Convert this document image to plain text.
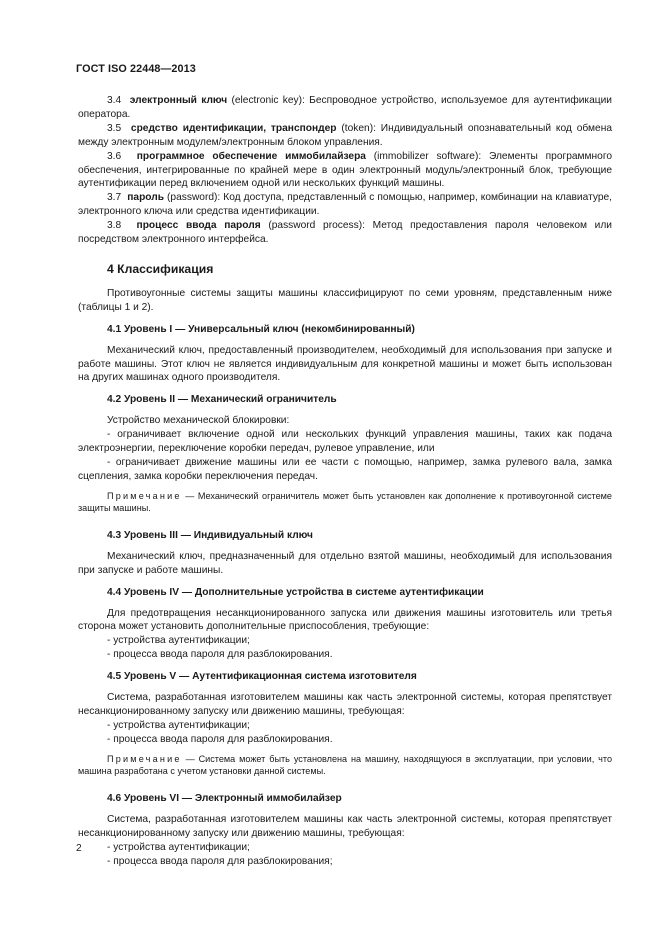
ГОСТ ISO 22448—2013

3.4 электронный ключ (electronic key): Беспроводное устройство, используемое для аутентификации оператора.

3.5 средство идентификации, транспондер (token): Индивидуальный опознавательный код обмена между электронным модулем/электронным блоком управления.

3.6 программное обеспечение иммобилайзера (immobilizer software): Элементы программного обеспечения, интегрированные по крайней мере в один электронный модуль/электронный блок, требующие аутентификации перед включением одной или нескольких функций машины.

3.7 пароль (password): Код доступа, представленный с помощью, например, комбинации на клавиатуре, электронного ключа или средства идентификации.

3.8 процесс ввода пароля (password process): Метод предоставления пароля человеком или посредством электронного интерфейса.

4 Классификация

Противоугонные системы защиты машины классифицируют по семи уровням, представленным ниже (таблицы 1 и 2).

4.1 Уровень I — Универсальный ключ (некомбинированный)

Механический ключ, предоставленный производителем, необходимый для использования при запуске и работе машины. Этот ключ не является индивидуальным для конкретной машины и может быть использован на других машинах одного производителя.

4.2 Уровень II — Механический ограничитель

Устройство механической блокировки:

- ограничивает включение одной или нескольких функций управления машины, таких как подача электроэнергии, переключение коробки передач, рулевое управление, или

- ограничивает движение машины или ее части с помощью, например, замка рулевого вала, замка сцепления, замка коробки переключения передач.

Примечание — Механический ограничитель может быть установлен как дополнение к противоугонной системе защиты машины.

4.3 Уровень III — Индивидуальный ключ

Механический ключ, предназначенный для отдельно взятой машины, необходимый для использования при запуске и работе машины.

4.4 Уровень IV — Дополнительные устройства в системе аутентификации

Для предотвращения несанкционированного запуска или движения машины изготовитель или третья сторона может установить дополнительные приспособления, требующие:

- устройства аутентификации;

- процесса ввода пароля для разблокирования.

4.5 Уровень V — Аутентификационная система изготовителя

Система, разработанная изготовителем машины как часть электронной системы, которая препятствует несанкционированному запуску или движению машины, требующая:

- устройства аутентификации;

- процесса ввода пароля для разблокирования.

Примечание — Система может быть установлена на машину, находящуюся в эксплуатации, при условии, что машина разработана с учетом установки данной системы.

4.6 Уровень VI — Электронный иммобилайзер

Система, разработанная изготовителем машины как часть электронной системы, которая препятствует несанкционированному запуску или движению машины, требующая:

- устройства аутентификации;

- процесса ввода пароля для разблокирования;

2
